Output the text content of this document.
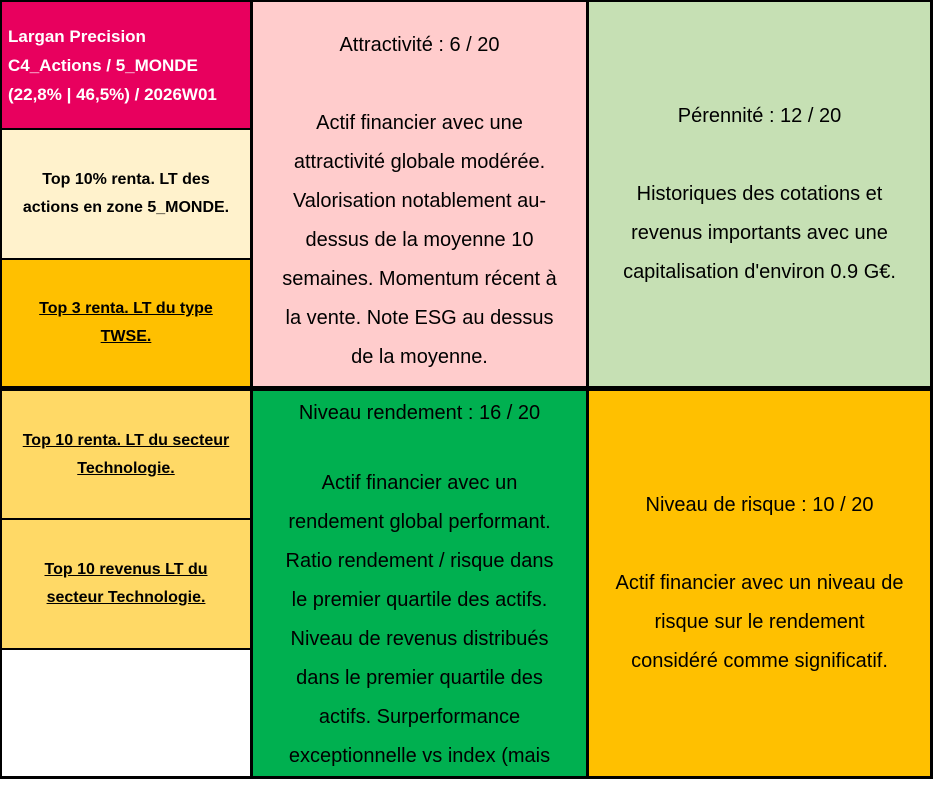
Largan Precision
C4_Actions / 5_MONDE
(22,8% | 46,5%) / 2026W01
Top 10% renta. LT des
actions en zone 5_MONDE.
Top 3 renta. LT du type
TWSE.
Top 10 renta. LT du secteur
Technologie.
Top 10 revenus LT du
secteur Technologie.
Attractivité : 6 / 20
Actif financier avec une
attractivité globale modérée.
Valorisation notablement au-
dessus de la moyenne 10
semaines. Momentum récent à
la vente. Note ESG au dessus
de la moyenne.
Pérennité : 12 / 20
Historiques des cotations et
revenus importants avec une
capitalisation d'environ 0.9 G€.
Niveau rendement : 16 / 20
Actif financier avec un
rendement global performant.
Ratio rendement / risque dans
le premier quartile des actifs.
Niveau de revenus distribués
dans le premier quartile des
actifs. Surperformance
exceptionnelle vs index (mais
Niveau de risque : 10 / 20
Actif financier avec un niveau de
risque sur le rendement
considéré comme significatif.
